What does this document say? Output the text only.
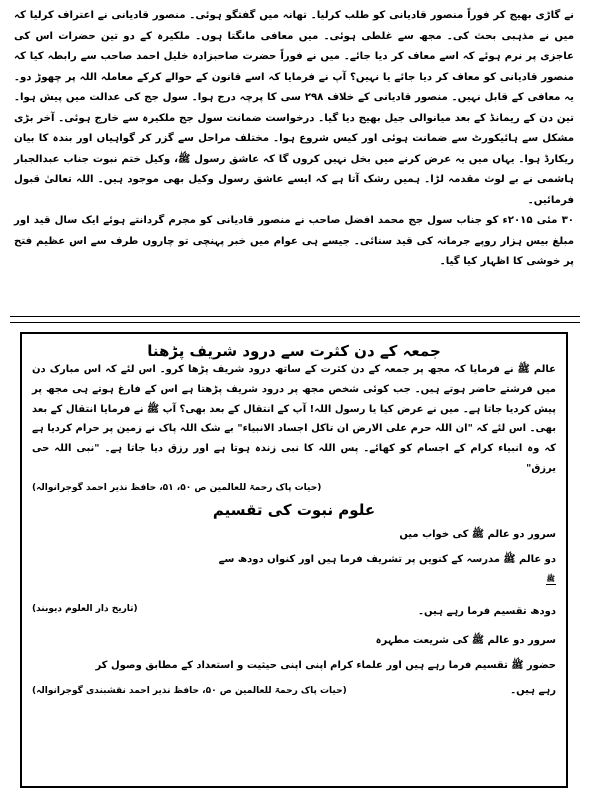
نے گاڑی بھیج کر فوراً منصور قادیانی کو طلب کرلیا۔ تھانہ میں گفتگو ہوئی۔ منصور قادیانی نے اعتراف کرلیا کہ میں نے مذہبی بحث کی۔ مجھ سے غلطی ہوئی۔ میں معافی مانگتا ہوں۔ ملکیرہ کے دو تین حضرات اس کی عاجزی پر نرم ہوئے کہ اسے معاف کر دیا جائے۔ میں نے فوراً حضرت صاحبزادہ خلیل احمد صاحب سے رابطہ کیا کہ منصور قادیانی کو معاف کر دیا جائے یا نہیں؟ آپ نے فرمایا کہ اسے قانون کے حوالے کرکے معاملہ اللہ پر چھوڑ دو۔ یہ معافی کے قابل نہیں۔ منصور قادیانی کے خلاف ۲۹۸ سی کا پرچہ درج ہوا۔ سول جج کی عدالت میں پیش ہوا۔ تین دن کے ریمانڈ کے بعد میانوالی جیل بھیج دیا گیا۔ درخواست ضمانت سول جج ملکیرہ سے خارج ہوئی۔ آخر بڑی مشکل سے ہائیکورٹ سے ضمانت ہوئی اور کیس شروع ہوا۔ مختلف مراحل سے گزر کر گواہیاں اور بندہ کا بیان ریکارڈ ہوا۔ یہاں میں یہ عرض کرنے میں بخل نہیں کروں گا کہ عاشق رسول ﷺ، وکیل ختم نبوت جناب عبدالجبار ہاشمی نے بے لوث مقدمہ لڑا۔ ہمیں رشک آتا ہے کہ ایسے عاشق رسول وکیل بھی موجود ہیں۔ اللہ تعالیٰ قبول فرمائیں۔

۳۰ مئی ۲۰۱۵ء کو جناب سول جج محمد افضل صاحب نے منصور قادیانی کو مجرم گردانتے ہوئے ایک سال قید اور مبلغ بیس ہزار روپے جرمانہ کی قید سنائی۔ جیسے ہی عوام میں خبر پہنچی تو چاروں طرف سے اس عظیم فتح پر خوشی کا اظہار کیا گیا۔

جمعہ کے دن کثرت سے درود شریف پڑھنا

عالم ﷺ نے فرمایا کہ مجھ پر جمعہ کے دن کثرت کے ساتھ درود شریف پڑھا کرو۔ اس لئے کہ اس مبارک دن میں فرشتے حاضر ہوتے ہیں۔ جب کوئی شخص مجھ پر درود شریف پڑھتا ہے اس کے فارغ ہوتے ہی مجھ پر پیش کردیا جاتا ہے۔ میں نے عرض کیا یا رسول اللہ! آپ کے انتقال کے بعد بھی؟ آپ ﷺ نے فرمایا انتقال کے بعد بھی۔ اس لئے کہ "ان اللہ حرم علی الارض ان تاکل اجساد الانبیاء" بے شک اللہ پاک نے زمین پر حرام کردیا ہے کہ وہ انبیاء کرام کے اجسام کو کھائے۔ پس اللہ کا نبی زندہ ہوتا ہے اور رزق دیا جاتا ہے۔ "نبی اللہ حی یرزق"

(حیات پاک رحمۃ للعالمین ص ۵۰، ۵۱، حافظ نذیر احمد گوجرانوالہ)

علوم نبوت کی تقسیم

سرور دو عالم ﷺ کی خواب میں

دو عالم ﷺ مدرسہ کے کنویں پر تشریف فرما ہیں اور کنواں دودھ سے

ﷺ

(تاریخ دار العلوم دیوبند)	دودھ تقسیم فرما رہے ہیں۔

سرور دو عالم ﷺ کی شریعت مطہرہ

حضور ﷺ تقسیم فرما رہے ہیں اور علماء کرام اپنی اپنی حیثیت و استعداد کے مطابق وصول کر

رہے ہیں۔

(حیات پاک رحمۃ للعالمین ص ۵۰، حافظ نذیر احمد نقشبندی گوجرانوالہ)
